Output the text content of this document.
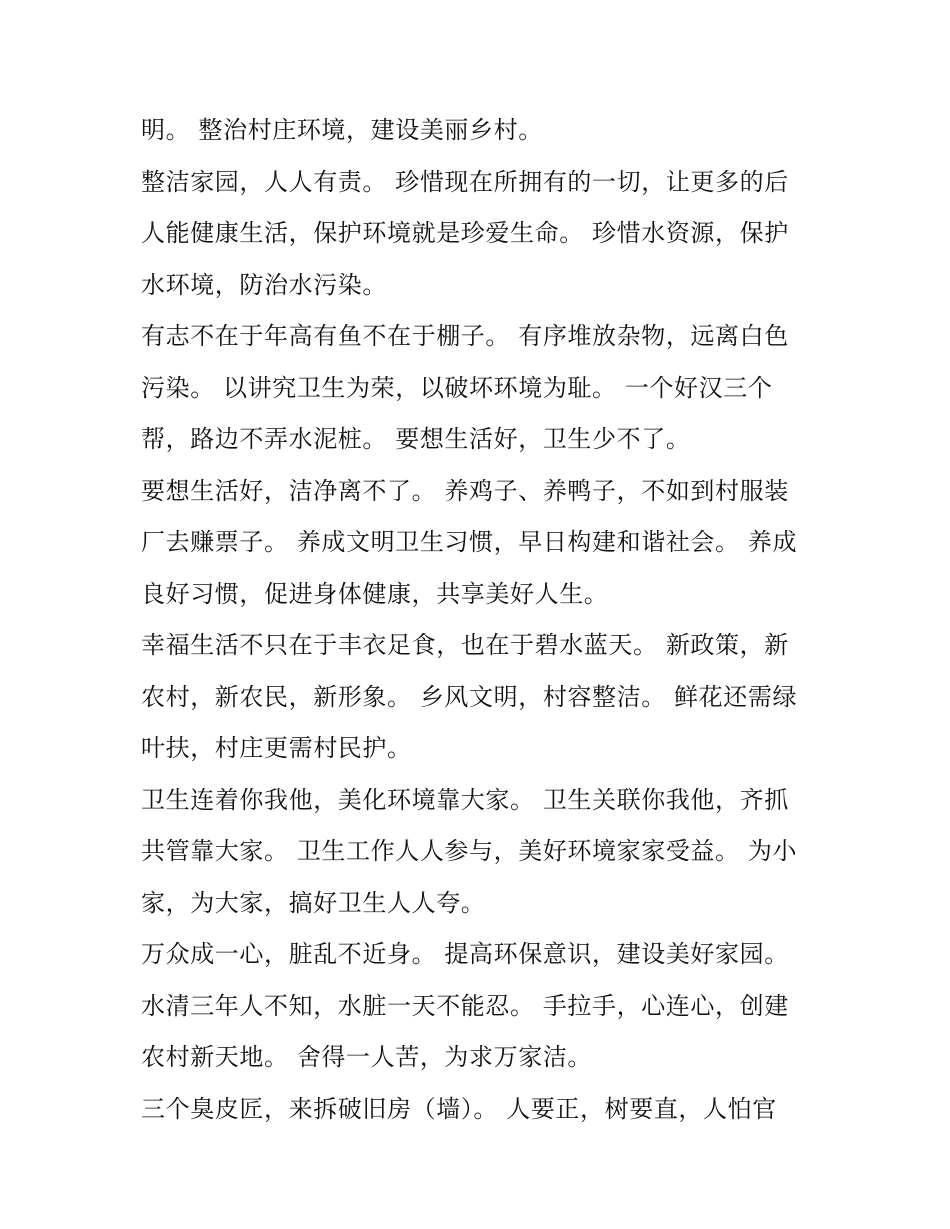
明。 整治村庄环境，建设美丽乡村。
整洁家园，人人有责。 珍惜现在所拥有的一切，让更多的后
人能健康生活，保护环境就是珍爱生命。 珍惜水资源，保护
水环境，防治水污染。
有志不在于年高有鱼不在于棚子。 有序堆放杂物，远离白色
污染。 以讲究卫生为荣，以破坏环境为耻。 一个好汉三个
帮，路边不弄水泥桩。 要想生活好，卫生少不了。
要想生活好，洁净离不了。 养鸡子、养鸭子，不如到村服装
厂去赚票子。 养成文明卫生习惯，早日构建和谐社会。 养成
良好习惯，促进身体健康，共享美好人生。
幸福生活不只在于丰衣足食，也在于碧水蓝天。 新政策，新
农村，新农民，新形象。 乡风文明，村容整洁。 鲜花还需绿
叶扶，村庄更需村民护。
卫生连着你我他，美化环境靠大家。 卫生关联你我他，齐抓
共管靠大家。 卫生工作人人参与，美好环境家家受益。 为小
家，为大家，搞好卫生人人夸。
万众成一心，脏乱不近身。 提高环保意识，建设美好家园。
水清三年人不知，水脏一天不能忍。 手拉手，心连心，创建
农村新天地。 舍得一人苦，为求万家洁。
三个臭皮匠，来拆破旧房（墙）。 人要正，树要直，人怕官
